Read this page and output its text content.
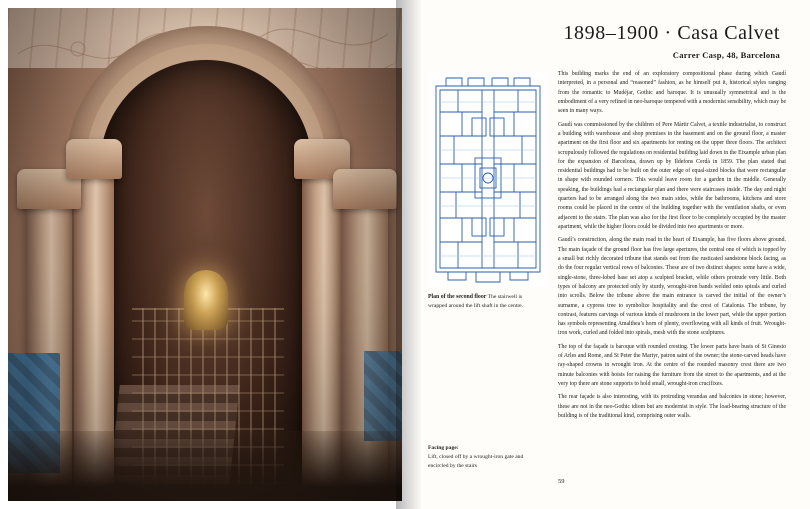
1898–1900 · Casa Calvet
Carrer Casp, 48, Barcelona
Plan of the second floor The stairwell is wrapped around the lift shaft in the centre.

This building marks the end of an exploratory compositional phase during which Gaudí interpreted, in a personal and “reasoned” fashion, as he himself put it, historical styles ranging from the romantic to Mudéjar, Gothic and baroque. It is unusually symmetrical and is the embodiment of a very refined in neo-baroque tempered with a modernist sensibility, which may be seen in many ways.

Gaudí was commissioned by the children of Pere Màrtir Calvet, a textile industrialist, to construct a building with warehouse and shop premises in the basement and on the ground floor, a master apartment on the first floor and six apartments for renting on the upper three floors. The architect scrupulously followed the regulations on residential building laid down in the Eixample urban plan for the expansion of Barcelona, drawn up by Ildefons Cerdà in 1859. The plan stated that residential buildings had to be built on the outer edge of equal-sized blocks that were rectangular in shape with rounded corners. This would leave room for a garden in the middle. Generally speaking, the buildings had a rectangular plan and there were staircases inside. The day and night quarters had to be arranged along the two main sides, while the bathrooms, kitchens and store rooms could be placed in the centre of the building together with the ventilation shafts, or even adjacent to the stairs. The plan was also for the first floor to be completely occupied by the master apartment, while the higher floors could be divided into two apartments or more.

Gaudí’s construction, along the main road in the heart of Eixample, has five floors above ground. The main façade of the ground floor has five large apertures, the central one of which is topped by a small but richly decorated tribune that stands out from the rusticated sandstone block facing, as do the four regular vertical rows of balconies. These are of two distinct shapes: some have a wide, single-stone, three-lobed base set atop a sculpted bracket, while others protrude very little. Both types of balcony are protected only by sturdy, wrought-iron bands welded onto spirals and curled into scrolls. Below the tribune above the main entrance is carved the initial of the owner’s surname, a cypress tree to symbolize hospitality and the crest of Catalonia. The tribune, by contrast, features carvings of various kinds of mushroom in the lower part, while the upper portion has symbols representing Amalthea’s horn of plenty, overflowing with all kinds of fruit. Wrought-iron work, curled and folded into spirals, mesh with the stone sculptures.

The top of the façade is baroque with rounded cresting. The lower parts have busts of St Ginesio of Arles and Rome, and St Peter the Martyr, patron saint of the owner; the stone-carved heads have ray-shaped crowns in wrought iron. At the centre of the rounded masonry crest there are two minute balconies with hoists for raising the furniture from the street to the apartments, and at the very top there are stone supports to hold small, wrought-iron crucifixes.

The rear façade is also interesting, with its protruding verandas and balconies in stone; however, these are not in the neo-Gothic idiom but are modernist in style. The load-bearing structure of the building is of the traditional kind, comprising outer walls.

Facing page:
Lift, closed off by a wrought-iron gate and encircled by the stairs
59
